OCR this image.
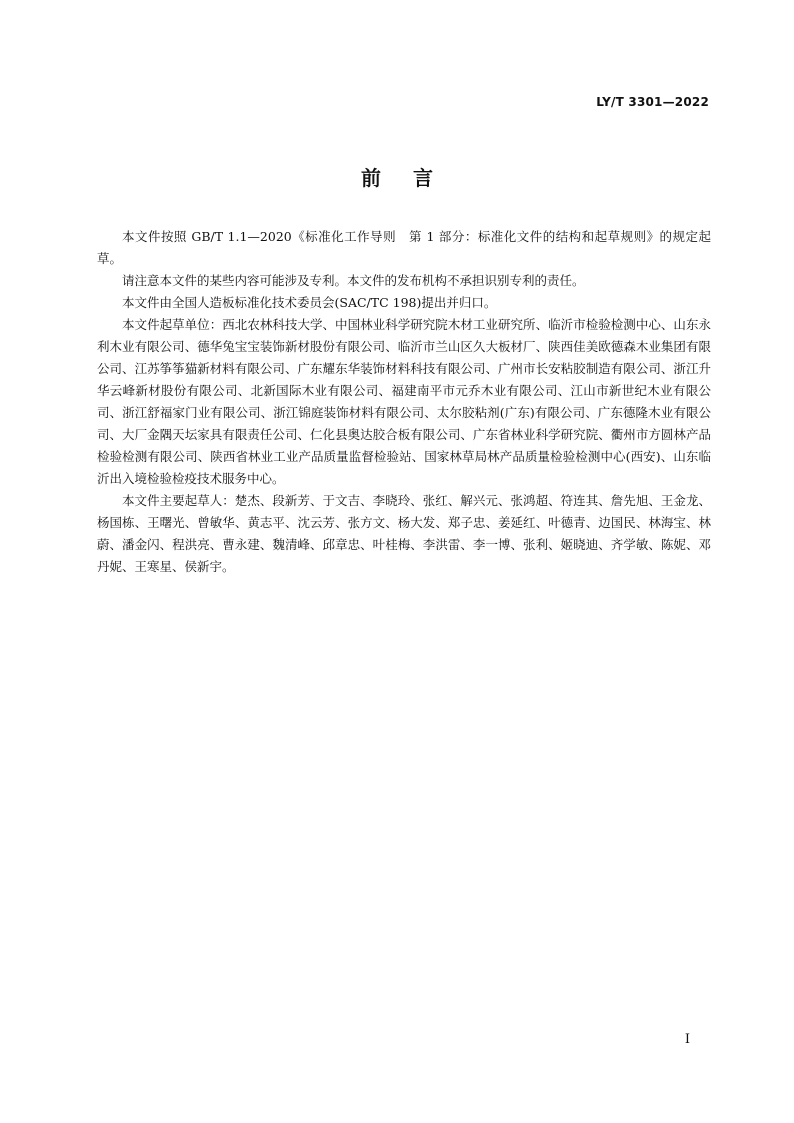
LY/T 3301—2022
前言

本文件按照 GB/T 1.1—2020《标准化工作导则　第 1 部分：标准化文件的结构和起草规则》的规定起草。

请注意本文件的某些内容可能涉及专利。本文件的发布机构不承担识别专利的责任。

本文件由全国人造板标准化技术委员会(SAC/TC 198)提出并归口。

本文件起草单位：西北农林科技大学、中国林业科学研究院木材工业研究所、临沂市检验检测中心、山东永利木业有限公司、德华兔宝宝装饰新材股份有限公司、临沂市兰山区久大板材厂、陕西佳美欧德森木业集团有限公司、江苏筝筝猫新材料有限公司、广东耀东华装饰材料科技有限公司、广州市长安粘胶制造有限公司、浙江升华云峰新材股份有限公司、北新国际木业有限公司、福建南平市元乔木业有限公司、江山市新世纪木业有限公司、浙江舒福家门业有限公司、浙江锦庭装饰材料有限公司、太尔胶粘剂(广东)有限公司、广东德隆木业有限公司、大厂金隅天坛家具有限责任公司、仁化县奥达胶合板有限公司、广东省林业科学研究院、衢州市方圆林产品检验检测有限公司、陕西省林业工业产品质量监督检验站、国家林草局林产品质量检验检测中心(西安)、山东临沂出入境检验检疫技术服务中心。

本文件主要起草人：楚杰、段新芳、于文吉、李晓玲、张红、解兴元、张鸿超、符连其、詹先旭、王金龙、杨国栋、王曙光、曾敏华、黄志平、沈云芳、张方文、杨大发、郑子忠、姜延红、叶德青、边国民、林海宝、林蔚、潘金闪、程洪亮、曹永建、魏清峰、邱章忠、叶桂梅、李洪雷、李一博、张利、姬晓迪、齐学敏、陈妮、邓丹妮、王寒星、侯新宇。

I
